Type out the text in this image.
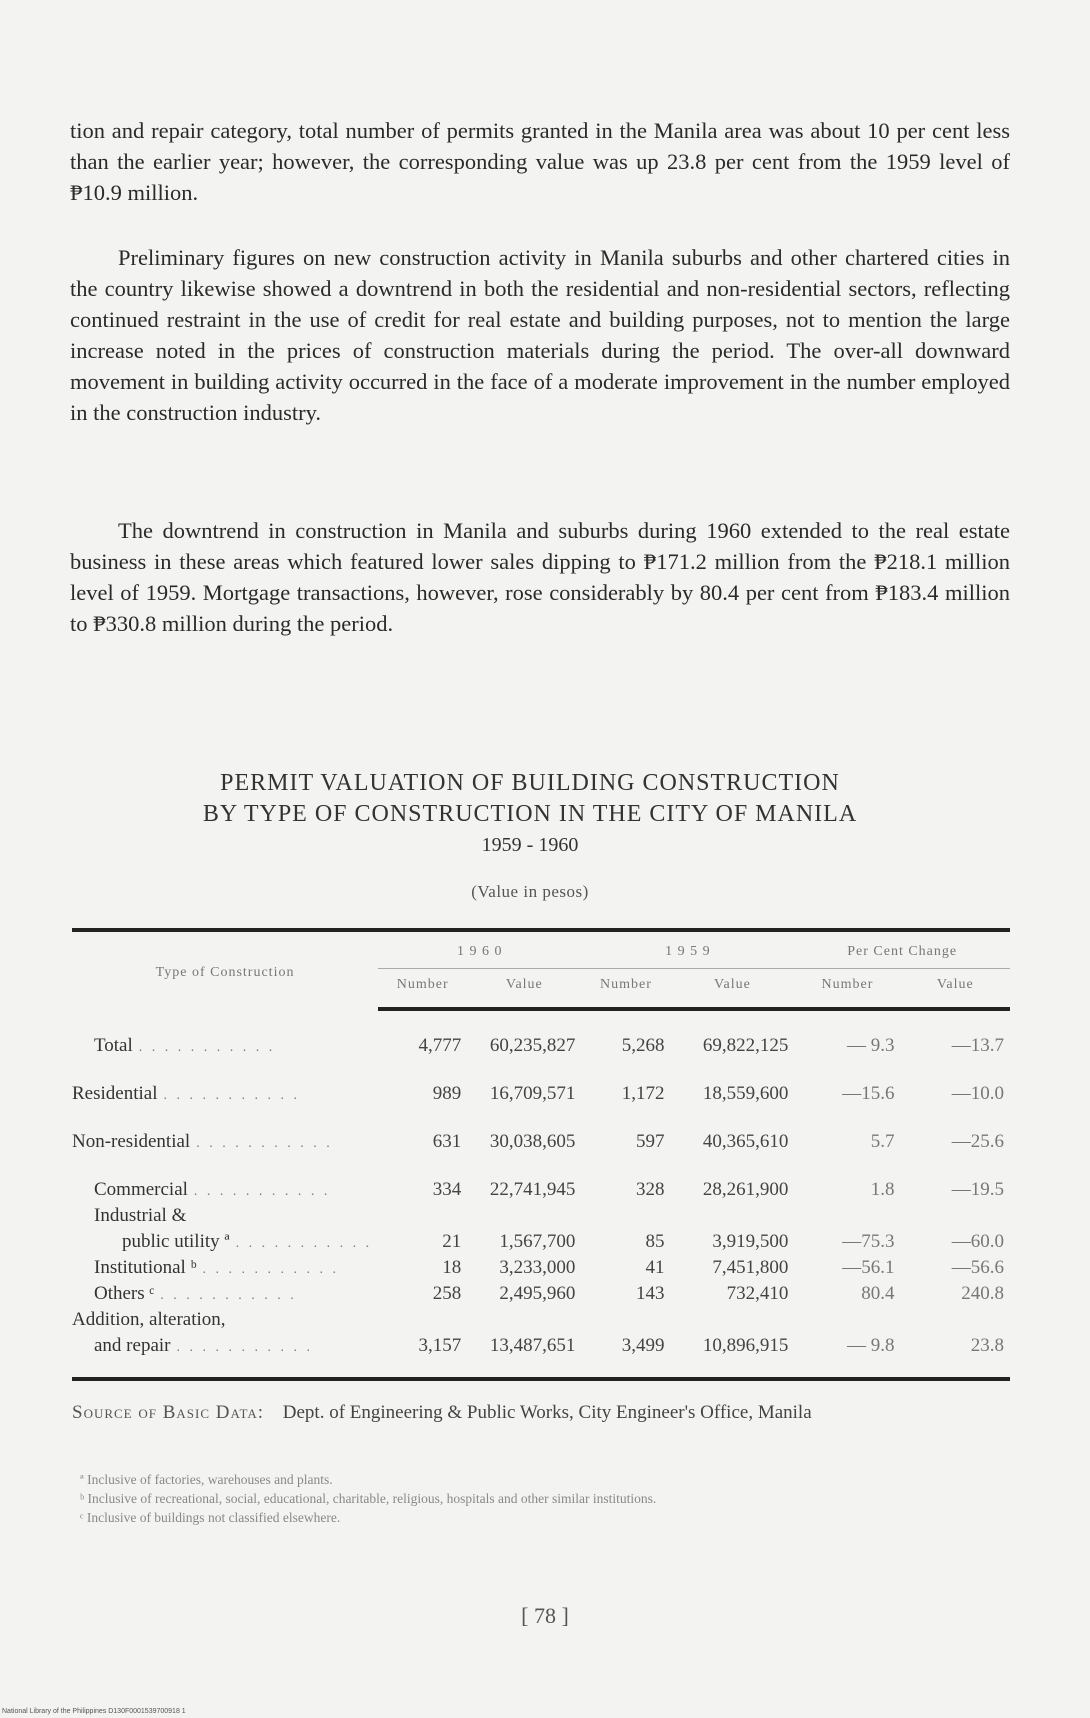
tion and repair category, total number of permits granted in the Manila area was about 10 per cent less than the earlier year; however, the corresponding value was up 23.8 per cent from the 1959 level of ₱10.9 million.

Preliminary figures on new construction activity in Manila suburbs and other chartered cities in the country likewise showed a downtrend in both the residential and non-residential sectors, reflecting continued restraint in the use of credit for real estate and building purposes, not to mention the large increase noted in the prices of construction materials during the period. The over-all downward movement in building activity occurred in the face of a moderate improvement in the number employed in the construction industry.

The downtrend in construction in Manila and suburbs during 1960 extended to the real estate business in these areas which featured lower sales dipping to ₱171.2 million from the ₱218.1 million level of 1959. Mortgage transactions, however, rose considerably by 80.4 per cent from ₱183.4 million to ₱330.8 million during the period.

PERMIT VALUATION OF BUILDING CONSTRUCTION
BY TYPE OF CONSTRUCTION IN THE CITY OF MANILA
1959 - 1960
(Value in pesos)
Type of Construction	1 9 6 0		1 9 5 9		Per Cent Change	
	Number	Value	Number	Value	Number	Value

Total . . . . . . . . . . .	4,777	60,235,827	5,268	69,822,125	— 9.3	—13.7

Residential . . . . . . . . . . .	989	16,709,571	1,172	18,559,600	—15.6	—10.0

Non-residential . . . . . . . . . . .	631	30,038,605	597	40,365,610	5.7	—25.6

Commercial . . . . . . . . . . .	334	22,741,945	328	28,261,900	1.8	—19.5
Industrial &						
public utility ª . . . . . . . . . . .	21	1,567,700	85	3,919,500	—75.3	—60.0
Institutional ᵇ . . . . . . . . . . .	18	3,233,000	41	7,451,800	—56.1	—56.6
Others ᶜ . . . . . . . . . . .	258	2,495,960	143	732,410	80.4	240.8
Addition, alteration,						
and repair . . . . . . . . . . .	3,157	13,487,651	3,499	10,896,915	— 9.8	23.8

Source of Basic Data: Dept. of Engineering & Public Works, City Engineer's Office, Manila
ª Inclusive of factories, warehouses and plants.
ᵇ Inclusive of recreational, social, educational, charitable, religious, hospitals and other similar institutions.
ᶜ Inclusive of buildings not classified elsewhere.
[ 78 ]
National Library of the Philippines D130F0001539700918 1
